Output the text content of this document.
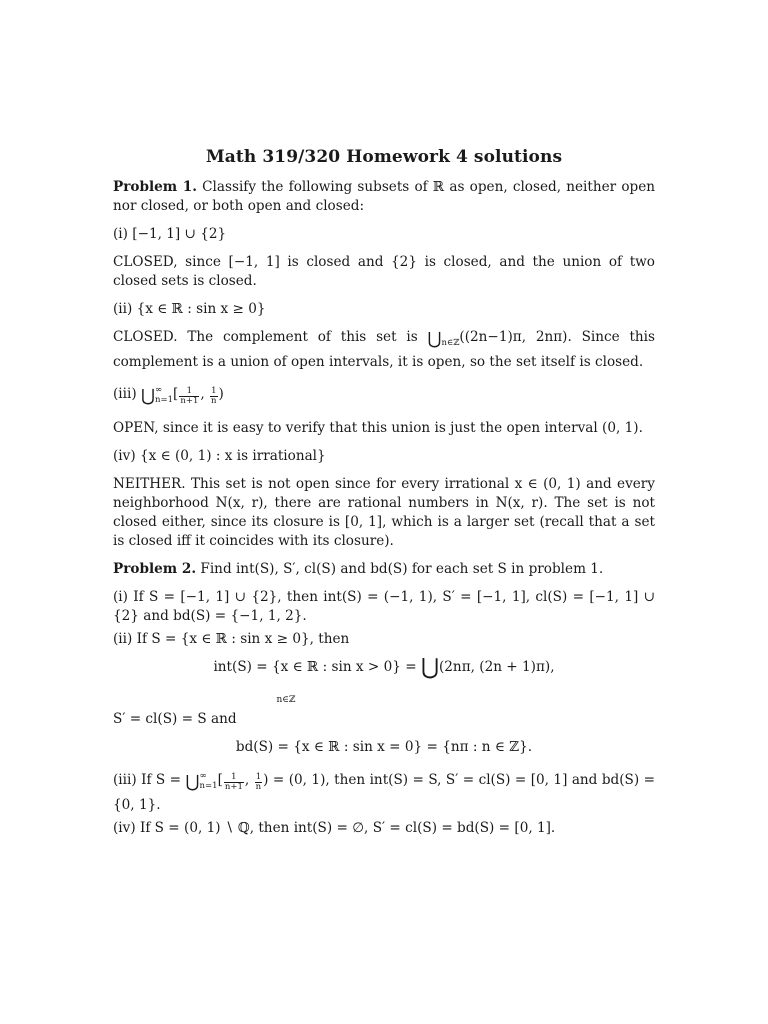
Math 319/320 Homework 4 solutions

Problem 1. Classify the following subsets of ℝ as open, closed, neither open nor closed, or both open and closed:

(i) [−1, 1] ∪ {2}

CLOSED, since [−1, 1] is closed and {2} is closed, and the union of two closed sets is closed.

(ii) {x ∈ ℝ : sin x ≥ 0}

CLOSED. The complement of this set is $⋃_{n\in ℤ}((2n-1)\pi$, 2nπ). Since this complement is a union of open intervals, it is open, so the set itself is closed.

(iii) $⋃^\infty_{n=1}[ \frac{1}{n+1}$ , $\frac{1}{n}$ )

OPEN, since it is easy to verify that this union is just the open interval (0, 1).

(iv) {x ∈ (0, 1) : x is irrational}

NEITHER. This set is not open since for every irrational x ∈ (0, 1) and every neighborhood N(x, r), there are rational numbers in N(x, r). The set is not closed either, since its closure is [0, 1], which is a larger set (recall that a set is closed iff it coincides with its closure).

Problem 2. Find int(S), S′, cl(S) and bd(S) for each set S in problem 1.

(i) If S = [−1, 1] ∪ {2}, then int(S) = (−1, 1), S′ = [−1, 1], cl(S) = [−1, 1] ∪ {2} and bd(S) = {−1, 1, 2}.

(ii) If S = {x ∈ ℝ : sin x ≥ 0}, then

int(S) = {x ∈ ℝ : sin x > 0} = ⋃(2nπ, (2n + 1)π),
$_{n\in ℤ}$

S′ = cl(S) = S and

bd(S) = {x ∈ ℝ : sin x = 0} = {nπ : n ∈ ℤ}.

(iii) If $S = ⋃^\infty_{n=1}[ \frac{1}{n+1}$ , $\frac{1}{n}$ ) = (0, 1), then int(S) = S, S′ = cl(S) = [0, 1] and bd(S) = {0, 1}.

(iv) If S = (0, 1) ∖ ℚ, then int(S) = ∅, S′ = cl(S) = bd(S) = [0, 1].
